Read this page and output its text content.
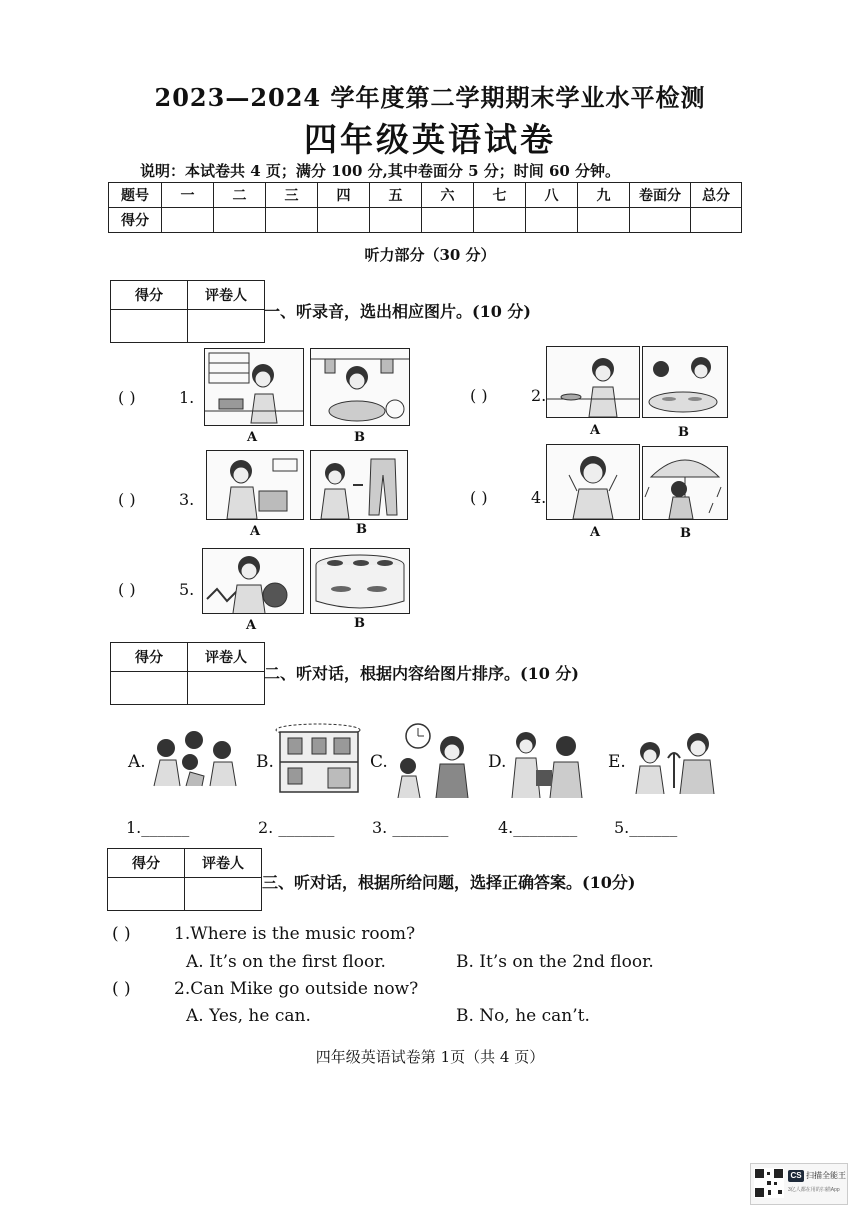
2023—2024 学年度第二学期期末学业水平检测
四年级英语试卷
说明：本试卷共 4 页；满分 100 分,其中卷面分 5 分；时间 60 分钟。
题号	一	二	三	四	五	六	七	八	九	卷面分	总分
得分											
听力部分（30 分）
得分	评卷人

一、听录音，选出相应图片。(10 分)
( )	1.
A	B
( )	2.
A	B
( )	3.
A	B
( )	4.
A	B
( )	5.
A	B
得分	评卷人

二、听对话，根据内容给图片排序。(10 分)
A.	B.	C.	D.	E.
1.______	2. _______ 3. _______	4.________ 5.______
得分	评卷人

三、听对话，根据所给问题，选择正确答案。(10分)
( )	1.Where is the music room?
A. It’s on the first floor.	B. It’s on the 2nd floor.
( )	2.Can Mike go outside now?
A. Yes, he can.	B. No, he can’t.
四年级英语试卷第 1页（共 4 页）
CS 扫描全能王
3亿人都在用的扫描App
